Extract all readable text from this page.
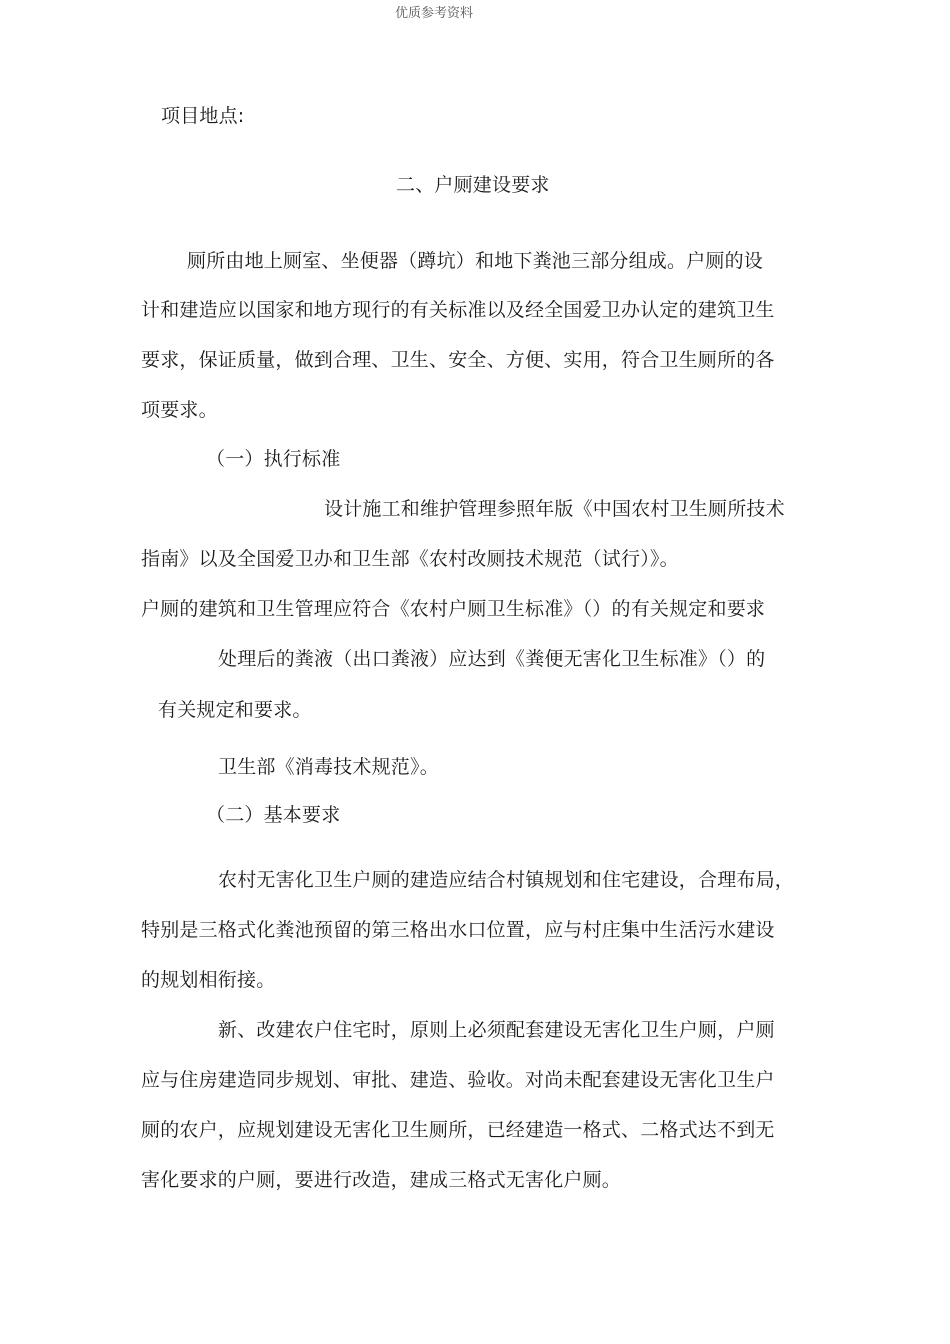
优质参考资料
项目地点:
二、户厕建设要求
厕所由地上厕室、坐便器（蹲坑）和地下粪池三部分组成。户厕的设
计和建造应以国家和地方现行的有关标准以及经全国爱卫办认定的建筑卫生
要求，保证质量，做到合理、卫生、安全、方便、实用，符合卫生厕所的各
项要求。
（一）执行标准
设计施工和维护管理参照年版《中国农村卫生厕所技术
指南》以及全国爱卫办和卫生部《农村改厕技术规范（试行）》。
户厕的建筑和卫生管理应符合《农村户厕卫生标准》（）的有关规定和要求
处理后的粪液（出口粪液）应达到《粪便无害化卫生标准》（）的
有关规定和要求。
卫生部《消毒技术规范》。
（二）基本要求
农村无害化卫生户厕的建造应结合村镇规划和住宅建设，合理布局，
特别是三格式化粪池预留的第三格出水口位置，应与村庄集中生活污水建设
的规划相衔接。
新、改建农户住宅时，原则上必须配套建设无害化卫生户厕，户厕
应与住房建造同步规划、审批、建造、验收。对尚未配套建设无害化卫生户
厕的农户，应规划建设无害化卫生厕所，已经建造一格式、二格式达不到无
害化要求的户厕，要进行改造，建成三格式无害化户厕。
